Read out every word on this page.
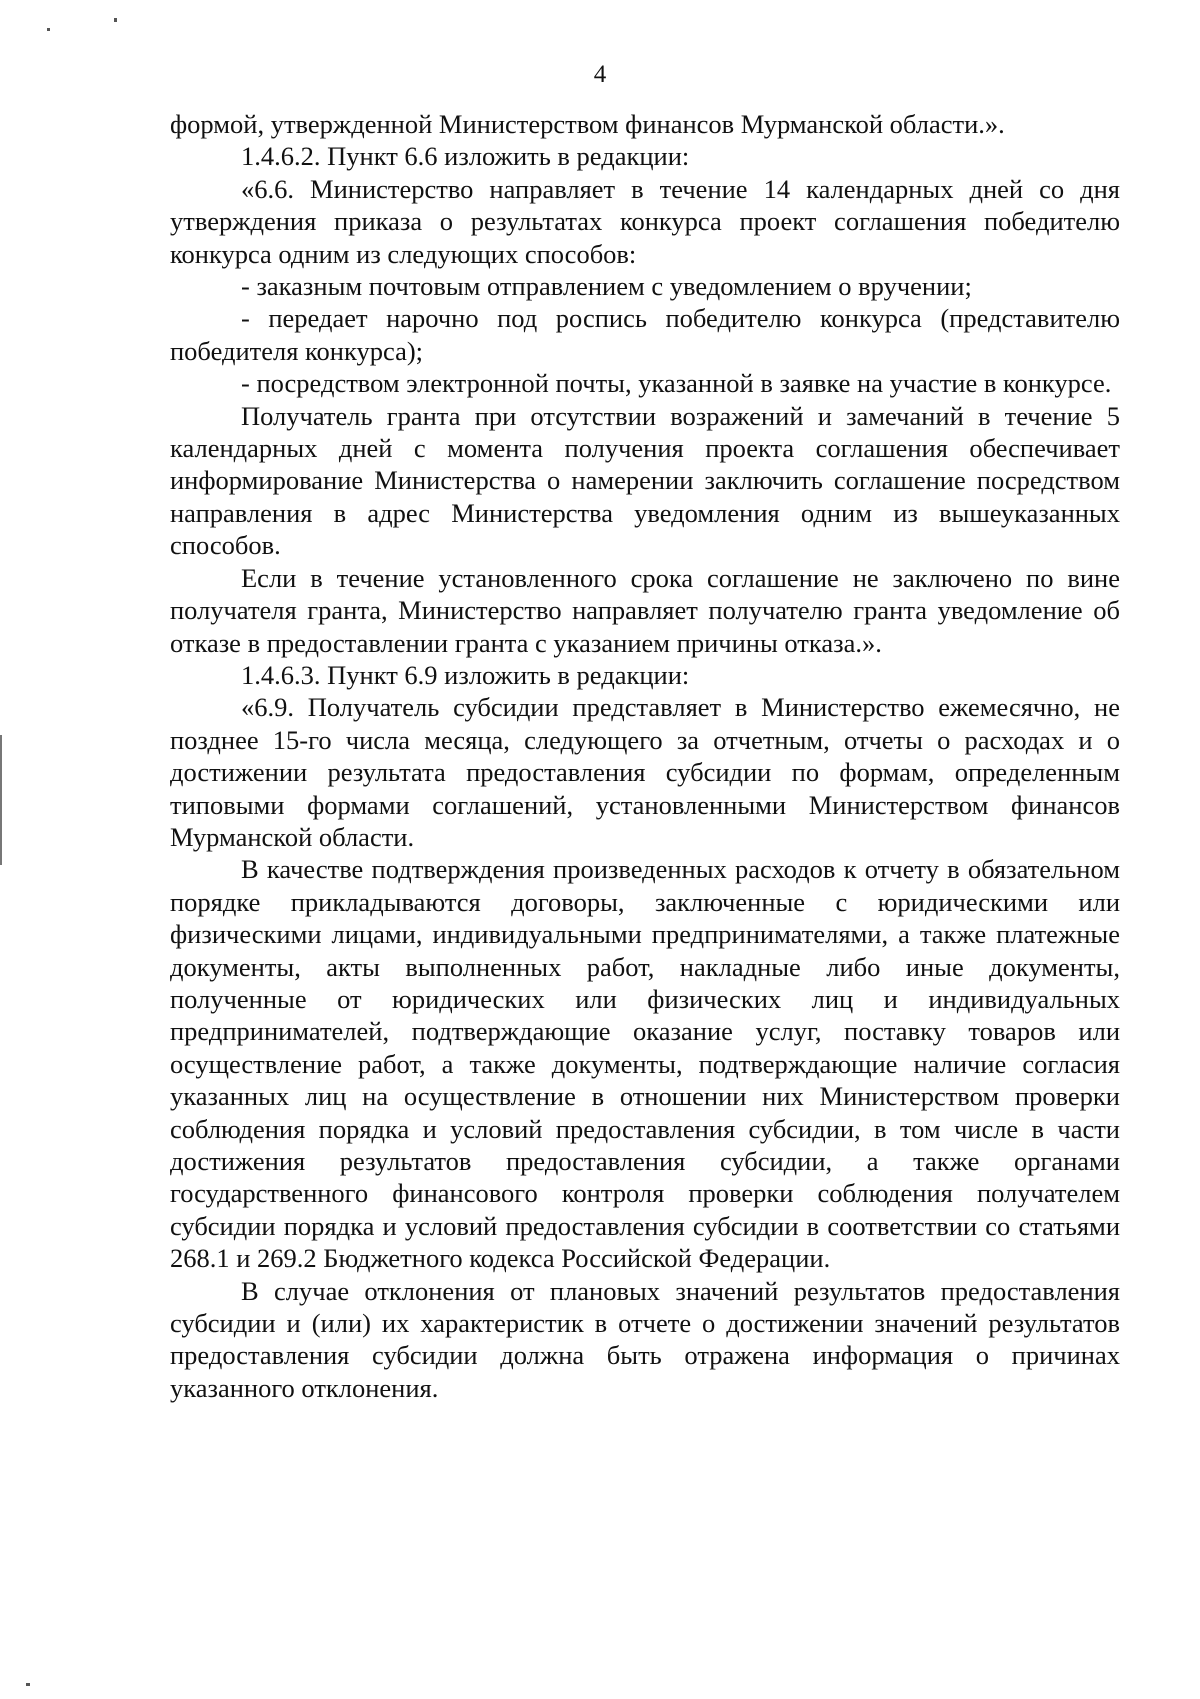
4

формой, утвержденной Министерством финансов Мурманской области.».

1.4.6.2. Пункт 6.6 изложить в редакции:

«6.6. Министерство направляет в течение 14 календарных дней со дня утверждения приказа о результатах конкурса проект соглашения победителю конкурса одним из следующих способов:

- заказным почтовым отправлением с уведомлением о вручении;

- передает нарочно под роспись победителю конкурса (представителю победителя конкурса);

- посредством электронной почты, указанной в заявке на участие в конкурсе.

Получатель гранта при отсутствии возражений и замечаний в течение 5 календарных дней с момента получения проекта соглашения обеспечивает информирование Министерства о намерении заключить соглашение посредством направления в адрес Министерства уведомления одним из вышеуказанных способов.

Если в течение установленного срока соглашение не заключено по вине получателя гранта, Министерство направляет получателю гранта уведомление об отказе в предоставлении гранта с указанием причины отказа.».

1.4.6.3. Пункт 6.9 изложить в редакции:

«6.9. Получатель субсидии представляет в Министерство ежемесячно, не позднее 15-го числа месяца, следующего за отчетным, отчеты о расходах и о достижении результата предоставления субсидии по формам, определенным типовыми формами соглашений, установленными Министерством финансов Мурманской области.

В качестве подтверждения произведенных расходов к отчету в обязательном порядке прикладываются договоры, заключенные с юридическими или физическими лицами, индивидуальными предпринимателями, а также платежные документы, акты выполненных работ, накладные либо иные документы, полученные от юридических или физических лиц и индивидуальных предпринимателей, подтверждающие оказание услуг, поставку товаров или осуществление работ, а также документы, подтверждающие наличие согласия указанных лиц на осуществление в отношении них Министерством проверки соблюдения порядка и условий предоставления субсидии, в том числе в части достижения результатов предоставления субсидии, а также органами государственного финансового контроля проверки соблюдения получателем субсидии порядка и условий предоставления субсидии в соответствии со статьями 268.1 и 269.2 Бюджетного кодекса Российской Федерации.

В случае отклонения от плановых значений результатов предоставления субсидии и (или) их характеристик в отчете о достижении значений результатов предоставления субсидии должна быть отражена информация о причинах указанного отклонения.
